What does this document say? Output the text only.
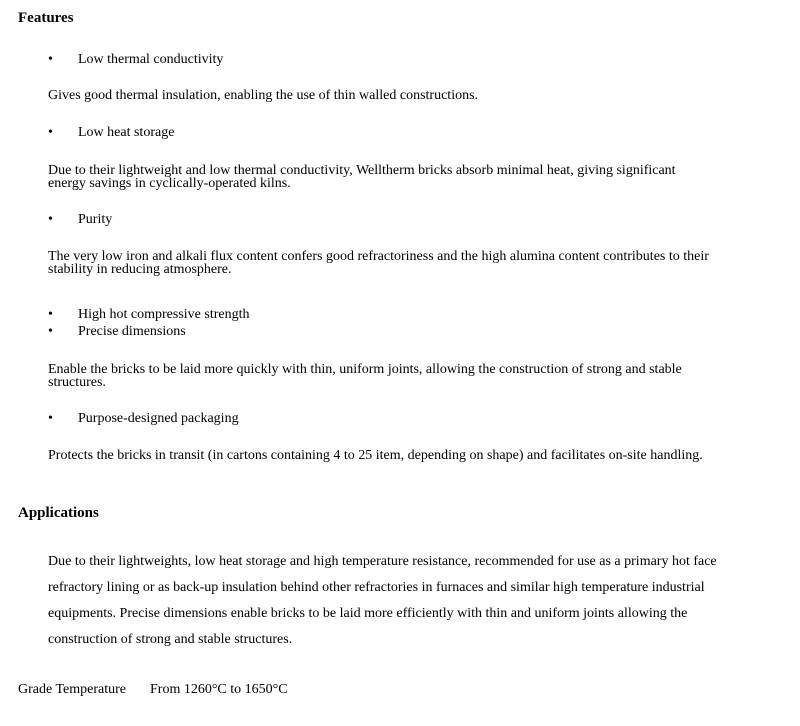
Features
• Low thermal conductivity
Gives good thermal insulation, enabling the use of thin walled constructions.
• Low heat storage
Due to their lightweight and low thermal conductivity, Welltherm bricks absorb minimal heat, giving significant energy savings in cyclically-operated kilns.
• Purity
The very low iron and alkali flux content confers good refractoriness and the high alumina content contributes to their stability in reducing atmosphere.
• High hot compressive strength
• Precise dimensions
Enable the bricks to be laid more quickly with thin, uniform joints, allowing the construction of strong and stable structures.
• Purpose-designed packaging
Protects the bricks in transit (in cartons containing 4 to 25 item, depending on shape) and facilitates on-site handling.
Applications
Due to their lightweights, low heat storage and high temperature resistance, recommended for use as a primary hot face refractory lining or as back-up insulation behind other refractories in furnaces and similar high temperature industrial equipments. Precise dimensions enable bricks to be laid more efficiently with thin and uniform joints allowing the construction of strong and stable structures.
Grade Temperature From 1260°C to 1650°C
